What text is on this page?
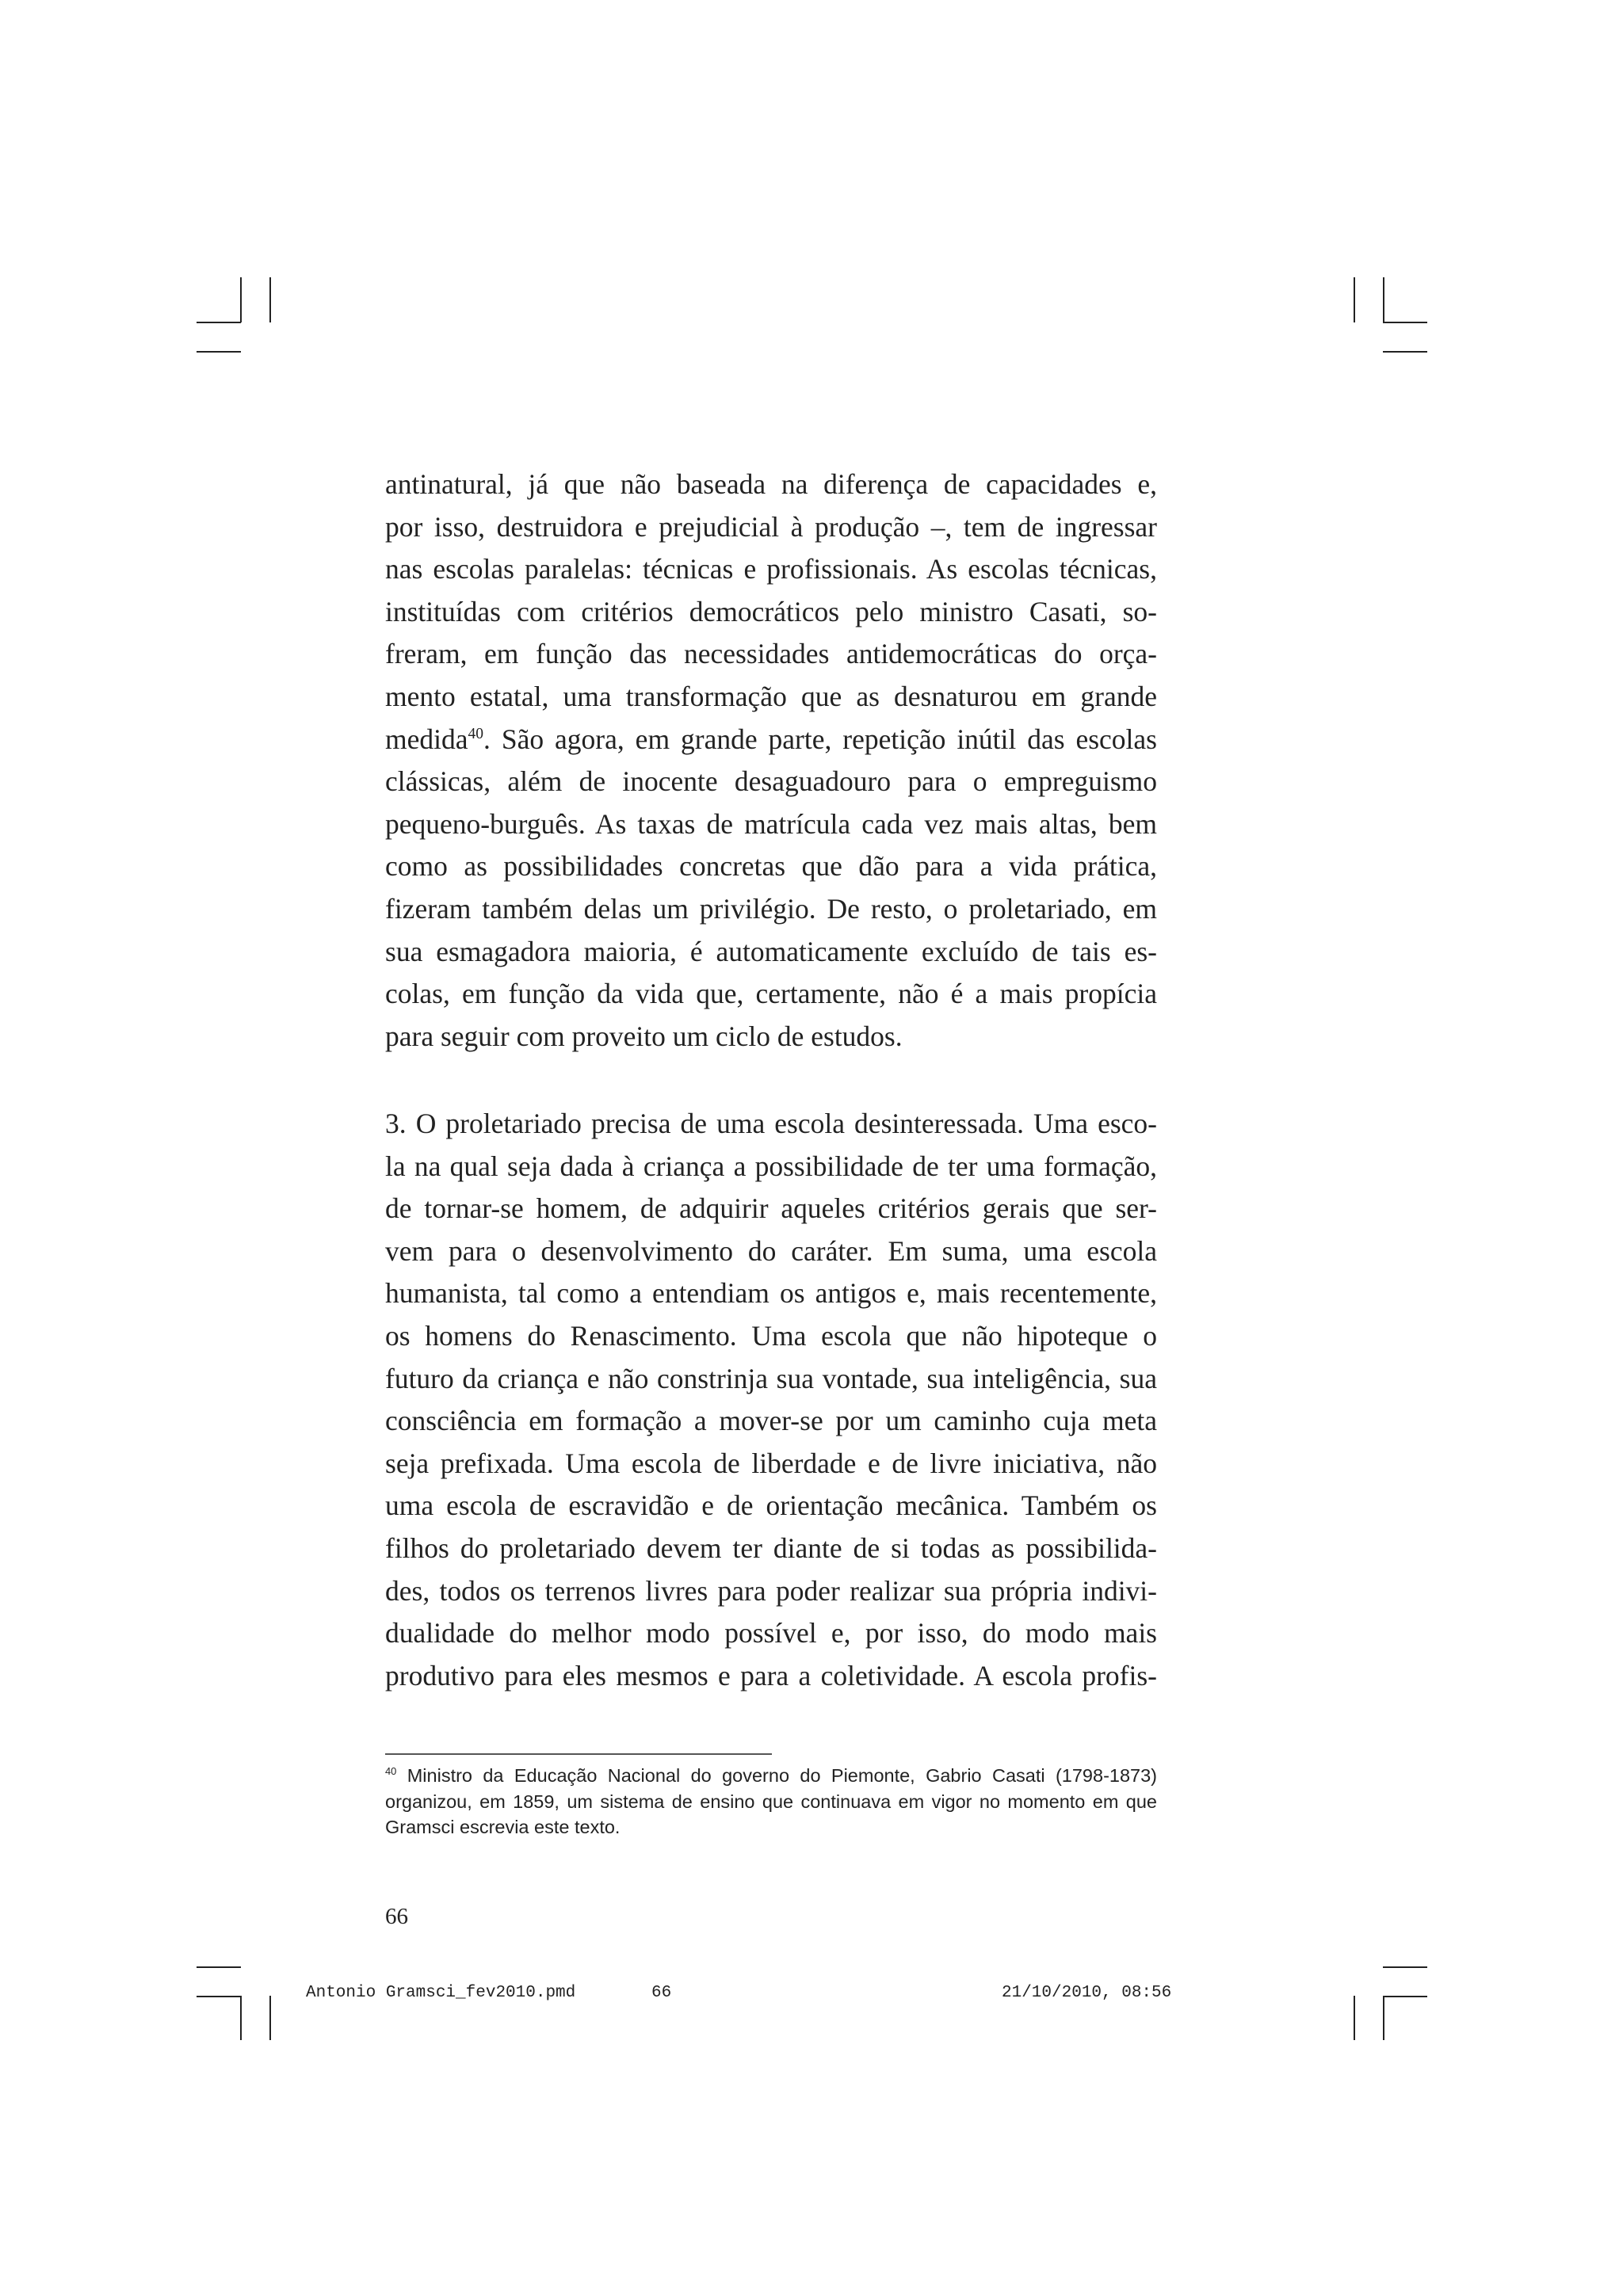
antinatural, já que não baseada na diferença de capacidades e,

por isso, destruidora e prejudicial à produção –, tem de ingressar

nas escolas paralelas: técnicas e profissionais. As escolas técnicas,

instituídas com critérios democráticos pelo ministro Casati, so-

freram, em função das necessidades antidemocráticas do orça-

mento estatal, uma transformação que as desnaturou em grande

medida$^{40}$. São agora, em grande parte, repetição inútil das escolas

clássicas, além de inocente desaguadouro para o empreguismo

pequeno-burguês. As taxas de matrícula cada vez mais altas, bem

como as possibilidades concretas que dão para a vida prática,

fizeram também delas um privilégio. De resto, o proletariado, em

sua esmagadora maioria, é automaticamente excluído de tais es-

colas, em função da vida que, certamente, não é a mais propícia

para seguir com proveito um ciclo de estudos.

3. O proletariado precisa de uma escola desinteressada. Uma esco-

la na qual seja dada à criança a possibilidade de ter uma formação,

de tornar-se homem, de adquirir aqueles critérios gerais que ser-

vem para o desenvolvimento do caráter. Em suma, uma escola

humanista, tal como a entendiam os antigos e, mais recentemente,

os homens do Renascimento. Uma escola que não hipoteque o

futuro da criança e não constrinja sua vontade, sua inteligência, sua

consciência em formação a mover-se por um caminho cuja meta

seja prefixada. Uma escola de liberdade e de livre iniciativa, não

uma escola de escravidão e de orientação mecânica. Também os

filhos do proletariado devem ter diante de si todas as possibilida-

des, todos os terrenos livres para poder realizar sua própria indivi-

dualidade do melhor modo possível e, por isso, do modo mais

produtivo para eles mesmos e para a coletividade. A escola profis-

$^{40}$ Ministro da Educação Nacional do governo do Piemonte, Gabrio Casati (1798-1873)

organizou, em 1859, um sistema de ensino que continuava em vigor no momento em que

Gramsci escrevia este texto.

66
Antonio Gramsci_fev2010.pmd	66	21/10/2010, 08:56
